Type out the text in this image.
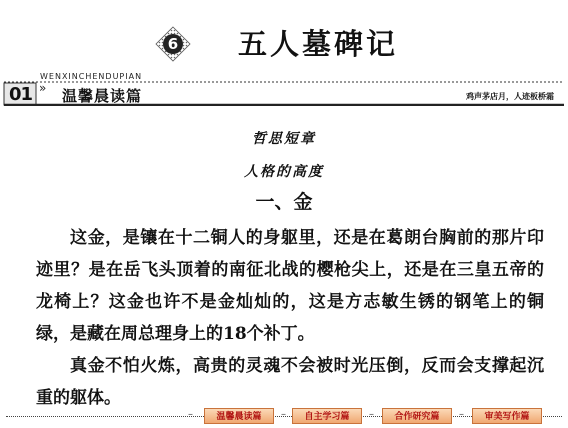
6 五人墓碑记
01 »
WENXINCHENDUPIAN
温馨晨读篇	鸡声茅店月，人迹板桥霜
哲思短章
人格的高度
一、金

这金，是镶在十二铜人的身躯里，还是在葛朗台胸前的那片印迹里？是在岳飞头顶着的南征北战的樱枪尖上，还是在三皇五帝的龙椅上？这金也许不是金灿灿的，这是方志敏生锈的钢笔上的铜绿，是藏在周总理身上的18个补丁。

真金不怕火炼，高贵的灵魂不会被时光压倒，反而会支撑起沉重的躯体。

–	温馨晨读篇	–	自主学习篇	–	合作研究篇	–	审美写作篇
